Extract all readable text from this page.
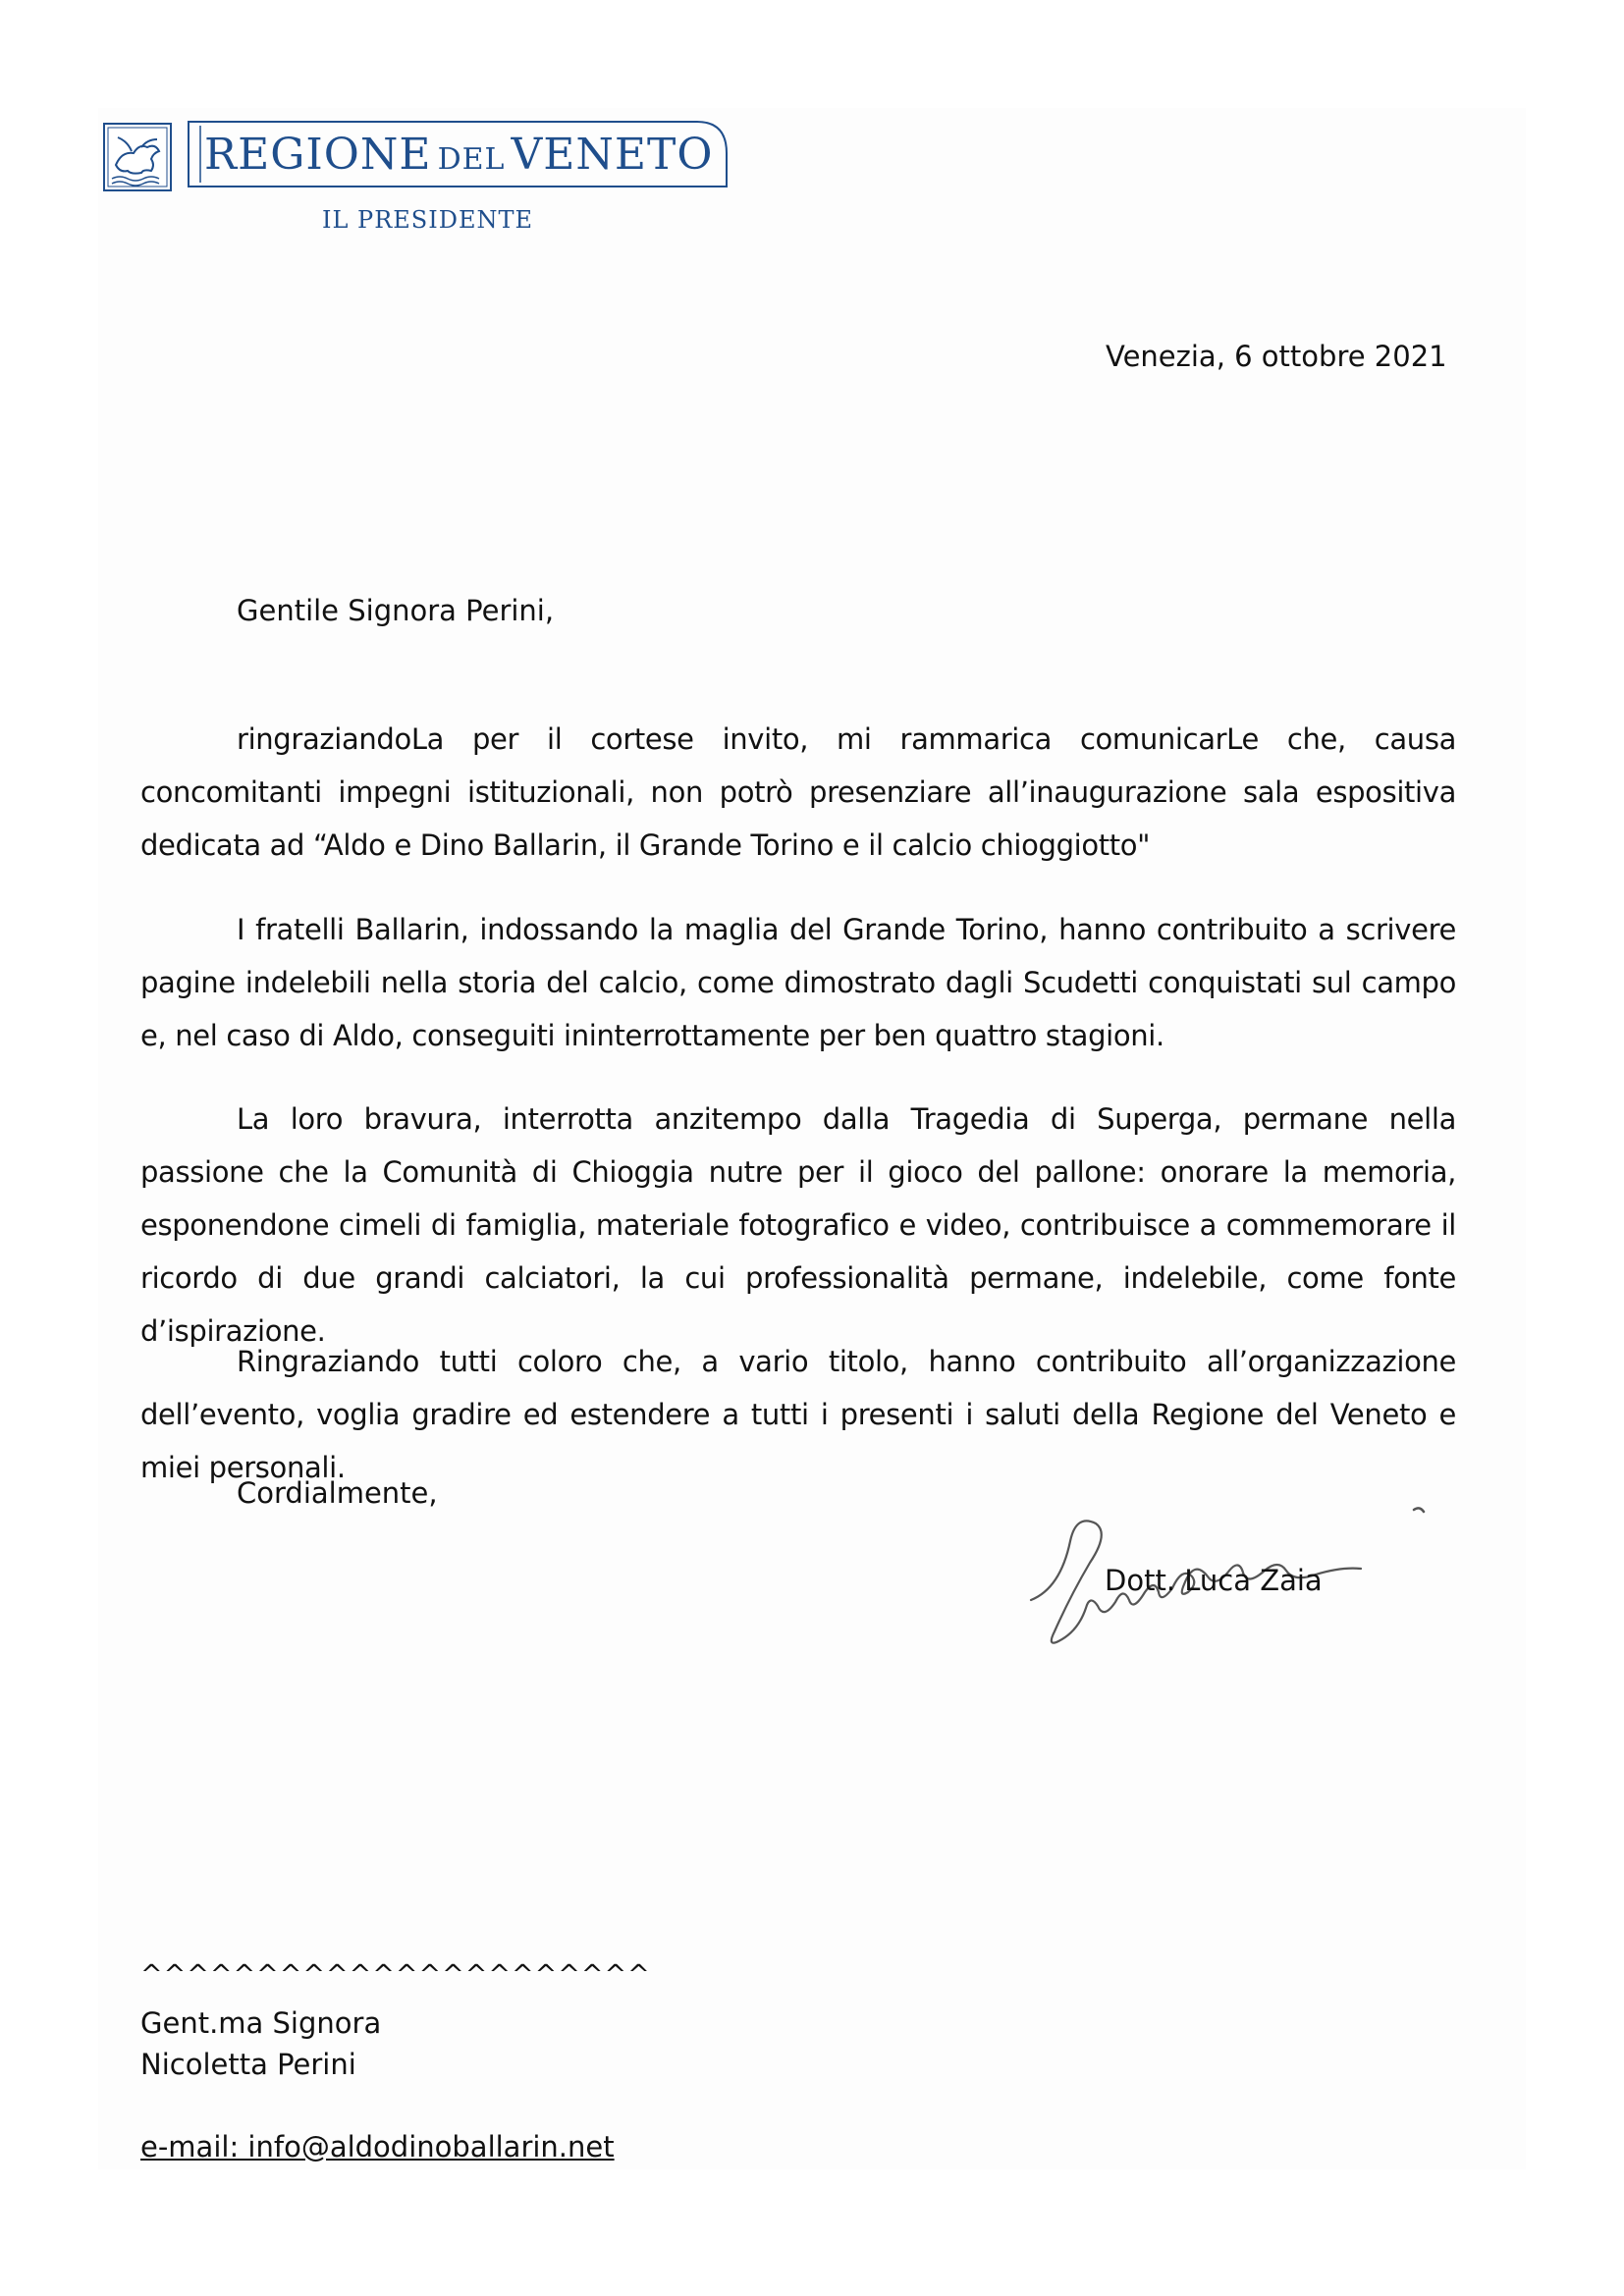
REGIONE DEL VENETO
IL PRESIDENTE
Venezia, 6 ottobre 2021
Gentile Signora Perini,

ringraziandoLa per il cortese invito, mi rammarica comunicarLe che, causa concomitanti impegni istituzionali, non potrò presenziare all’inaugurazione sala espositiva dedicata ad “Aldo e Dino Ballarin, il Grande Torino e il calcio chioggiotto"

I fratelli Ballarin, indossando la maglia del Grande Torino, hanno contribuito a scrivere pagine indelebili nella storia del calcio, come dimostrato dagli Scudetti conquistati sul campo e, nel caso di Aldo, conseguiti ininterrottamente per ben quattro stagioni.

La loro bravura, interrotta anzitempo dalla Tragedia di Superga, permane nella passione che la Comunità di Chioggia nutre per il gioco del pallone: onorare la memoria, esponendone cimeli di famiglia, materiale fotografico e video, contribuisce a commemorare il ricordo di due grandi calciatori, la cui professionalità permane, indelebile, come fonte d’ispirazione.

Ringraziando tutti coloro che, a vario titolo, hanno contribuito all’organizzazione dell’evento, voglia gradire ed estendere a tutti i presenti i saluti della Regione del Veneto e miei personali.

Cordialmente,
Dott. Luca Zaia
^^^^^^^^^^^^^^^^^^^^^^
Gent.ma Signora
Nicoletta Perini
e-mail: info@aldodinoballarin.net
